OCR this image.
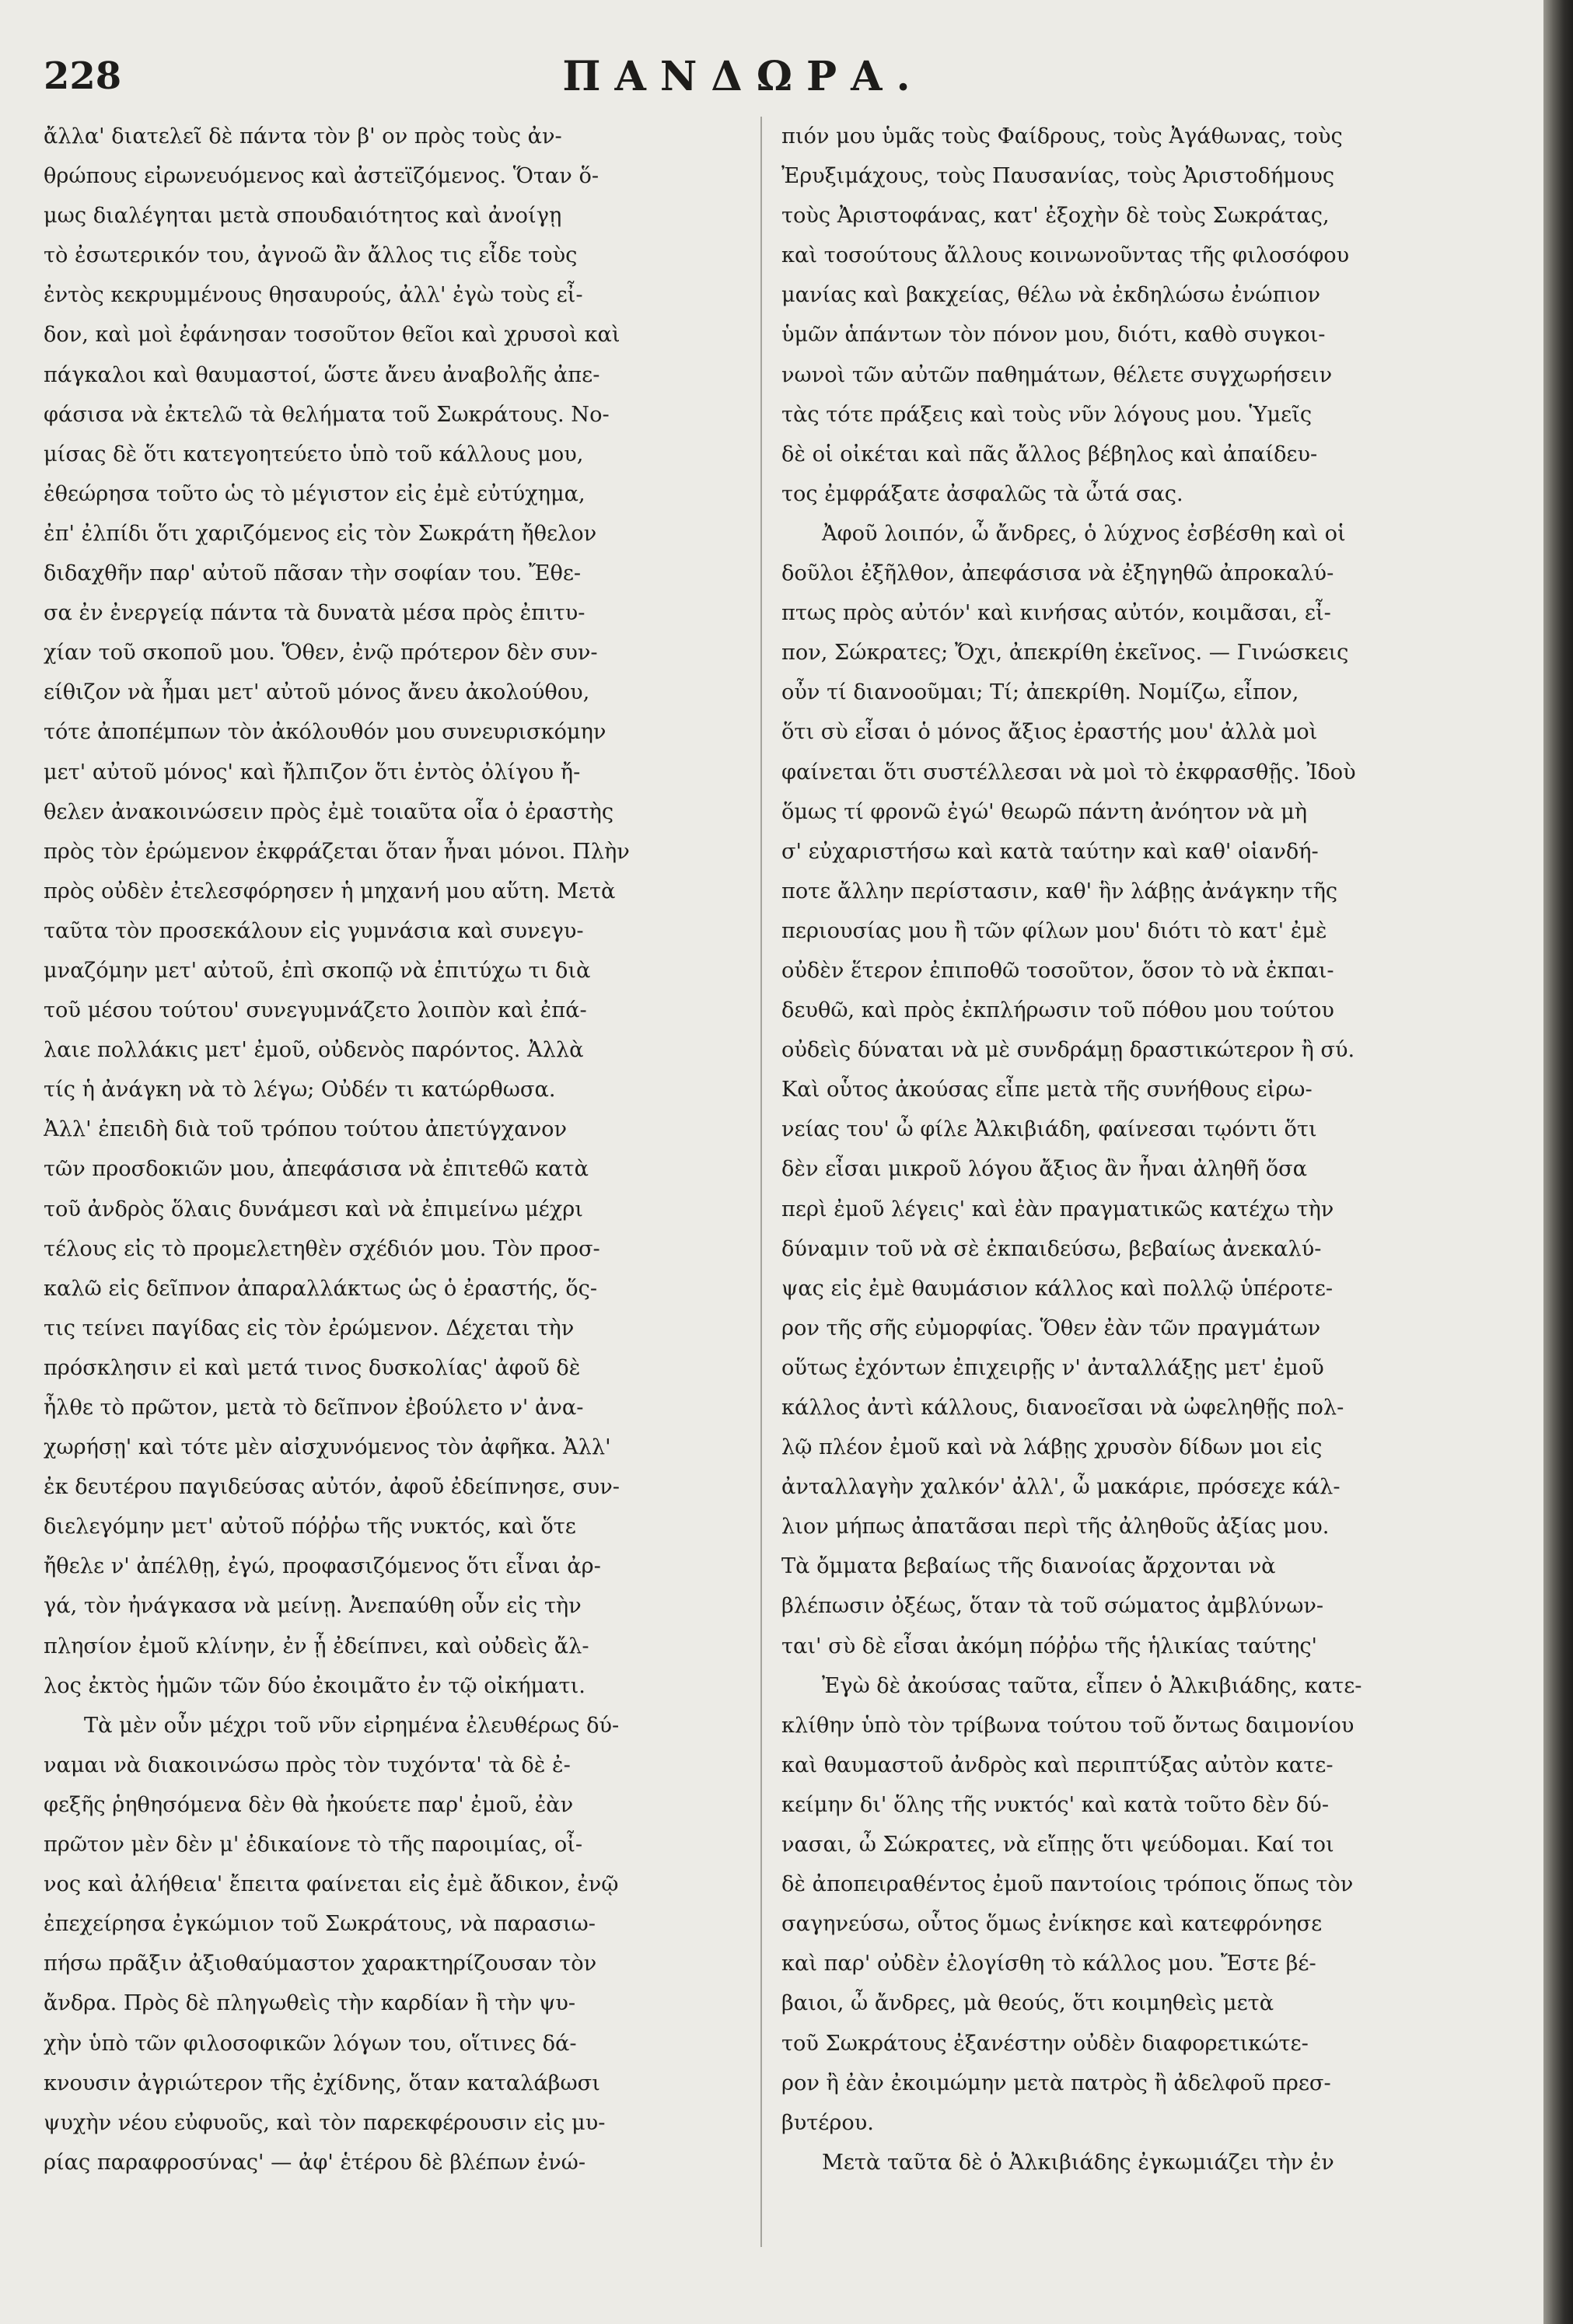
228	ΠΑΝΔΩΡΑ.
ἄλλα' διατελεῖ δὲ πάντα τὸν β' ον πρὸς τοὺς ἀν-
θρώπους εἰρωνευόμενος καὶ ἀστεϊζόμενος. Ὅταν ὅ-
μως διαλέγηται μετὰ σπουδαιότητος καὶ ἀνοίγῃ
τὸ ἐσωτερικόν του, ἀγνοῶ ἂν ἄλλος τις εἶδε τοὺς
ἐντὸς κεκρυμμένους θησαυρούς, ἀλλ' ἐγὼ τοὺς εἶ-
δον, καὶ μοὶ ἐφάνησαν τοσοῦτον θεῖοι καὶ χρυσοὶ καὶ
πάγκαλοι καὶ θαυμαστοί, ὥστε ἄνευ ἀναβολῆς ἀπε-
φάσισα νὰ ἐκτελῶ τὰ θελήματα τοῦ Σωκράτους. Νο-
μίσας δὲ ὅτι κατεγοητεύετο ὑπὸ τοῦ κάλλους μου,
ἐθεώρησα τοῦτο ὡς τὸ μέγιστον εἰς ἐμὲ εὐτύχημα,
ἐπ' ἐλπίδι ὅτι χαριζόμενος εἰς τὸν Σωκράτη ἤθελον
διδαχθῆν παρ' αὐτοῦ πᾶσαν τὴν σοφίαν του. Ἔθε-
σα ἐν ἐνεργείᾳ πάντα τὰ δυνατὰ μέσα πρὸς ἐπιτυ-
χίαν τοῦ σκοποῦ μου. Ὅθεν, ἐνῷ πρότερον δὲν συν-
είθιζον νὰ ἦμαι μετ' αὐτοῦ μόνος ἄνευ ἀκολούθου,
τότε ἀποπέμπων τὸν ἀκόλουθόν μου συνευρισκόμην
μετ' αὐτοῦ μόνος' καὶ ἤλπιζον ὅτι ἐντὸς ὀλίγου ἤ-
θελεν ἀνακοινώσειν πρὸς ἐμὲ τοιαῦτα οἷα ὁ ἐραστὴς
πρὸς τὸν ἐρώμενον ἐκφράζεται ὅταν ἦναι μόνοι. Πλὴν
πρὸς οὐδὲν ἐτελεσφόρησεν ἡ μηχανή μου αὕτη. Μετὰ
ταῦτα τὸν προσεκάλουν εἰς γυμνάσια καὶ συνεγυ-
μναζόμην μετ' αὐτοῦ, ἐπὶ σκοπῷ νὰ ἐπιτύχω τι διὰ
τοῦ μέσου τούτου' συνεγυμνάζετο λοιπὸν καὶ ἐπά-
λαιε πολλάκις μετ' ἐμοῦ, οὐδενὸς παρόντος. Ἀλλὰ
τίς ἡ ἀνάγκη νὰ τὸ λέγω; Οὐδέν τι κατώρθωσα.
Ἀλλ' ἐπειδὴ διὰ τοῦ τρόπου τούτου ἀπετύγχανον
τῶν προσδοκιῶν μου, ἀπεφάσισα νὰ ἐπιτεθῶ κατὰ
τοῦ ἀνδρὸς ὅλαις δυνάμεσι καὶ νὰ ἐπιμείνω μέχρι
τέλους εἰς τὸ προμελετηθὲν σχέδιόν μου. Τὸν προσ-
καλῶ εἰς δεῖπνον ἀπαραλλάκτως ὡς ὁ ἐραστής, ὅς-
τις τείνει παγίδας εἰς τὸν ἐρώμενον. Δέχεται τὴν
πρόσκλησιν εἰ καὶ μετά τινος δυσκολίας' ἀφοῦ δὲ
ἦλθε τὸ πρῶτον, μετὰ τὸ δεῖπνον ἐβούλετο ν' ἀνα-
χωρήσῃ' καὶ τότε μὲν αἰσχυνόμενος τὸν ἀφῆκα. Ἀλλ'
ἐκ δευτέρου παγιδεύσας αὐτόν, ἀφοῦ ἐδείπνησε, συν-
διελεγόμην μετ' αὐτοῦ πόῤῥω τῆς νυκτός, καὶ ὅτε
ἤθελε ν' ἀπέλθῃ, ἐγώ, προφασιζόμενος ὅτι εἶναι ἀρ-
γά, τὸν ἠνάγκασα νὰ μείνῃ. Ἀνεπαύθη οὖν εἰς τὴν
πλησίον ἐμοῦ κλίνην, ἐν ᾗ ἐδείπνει, καὶ οὐδεὶς ἄλ-
λος ἐκτὸς ἡμῶν τῶν δύο ἐκοιμᾶτο ἐν τῷ οἰκήματι.
Τὰ μὲν οὖν μέχρι τοῦ νῦν εἰρημένα ἐλευθέρως δύ-
ναμαι νὰ διακοινώσω πρὸς τὸν τυχόντα' τὰ δὲ ἐ-
φεξῆς ῥηθησόμενα δὲν θὰ ἠκούετε παρ' ἐμοῦ, ἐὰν
πρῶτον μὲν δὲν μ' ἐδικαίονε τὸ τῆς παροιμίας, οἶ-
νος καὶ ἀλήθεια' ἔπειτα φαίνεται εἰς ἐμὲ ἄδικον, ἐνῷ
ἐπεχείρησα ἐγκώμιον τοῦ Σωκράτους, νὰ παρασιω-
πήσω πρᾶξιν ἀξιοθαύμαστον χαρακτηρίζουσαν τὸν
ἄνδρα. Πρὸς δὲ πληγωθεὶς τὴν καρδίαν ἢ τὴν ψυ-
χὴν ὑπὸ τῶν φιλοσοφικῶν λόγων του, οἵτινες δά-
κνουσιν ἀγριώτερον τῆς ἐχίδνης, ὅταν καταλάβωσι
ψυχὴν νέου εὐφυοῦς, καὶ τὸν παρεκφέρουσιν εἰς μυ-
ρίας παραφροσύνας' — ἀφ' ἑτέρου δὲ βλέπων ἐνώ-
πιόν μου ὑμᾶς τοὺς Φαίδρους, τοὺς Ἀγάθωνας, τοὺς
Ἐρυξιμάχους, τοὺς Παυσανίας, τοὺς Ἀριστοδήμους
τοὺς Ἀριστοφάνας, κατ' ἐξοχὴν δὲ τοὺς Σωκράτας,
καὶ τοσούτους ἄλλους κοινωνοῦντας τῆς φιλοσόφου
μανίας καὶ βακχείας, θέλω νὰ ἐκδηλώσω ἐνώπιον
ὑμῶν ἁπάντων τὸν πόνον μου, διότι, καθὸ συγκοι-
νωνοὶ τῶν αὐτῶν παθημάτων, θέλετε συγχωρήσειν
τὰς τότε πράξεις καὶ τοὺς νῦν λόγους μου. Ὑμεῖς
δὲ οἱ οἰκέται καὶ πᾶς ἄλλος βέβηλος καὶ ἀπαίδευ-
τος ἐμφράξατε ἀσφαλῶς τὰ ὦτά σας.
Ἀφοῦ λοιπόν, ὦ ἄνδρες, ὁ λύχνος ἐσβέσθη καὶ οἱ
δοῦλοι ἐξῆλθον, ἀπεφάσισα νὰ ἐξηγηθῶ ἀπροκαλύ-
πτως πρὸς αὐτόν' καὶ κινήσας αὐτόν, κοιμᾶσαι, εἶ-
πον, Σώκρατες; Ὄχι, ἀπεκρίθη ἐκεῖνος. — Γινώσκεις
οὖν τί διανοοῦμαι; Τί; ἀπεκρίθη. Νομίζω, εἶπον,
ὅτι σὺ εἶσαι ὁ μόνος ἄξιος ἐραστής μου' ἀλλὰ μοὶ
φαίνεται ὅτι συστέλλεσαι νὰ μοὶ τὸ ἐκφρασθῇς. Ἰδοὺ
ὅμως τί φρονῶ ἐγώ' θεωρῶ πάντη ἀνόητον νὰ μὴ
σ' εὐχαριστήσω καὶ κατὰ ταύτην καὶ καθ' οἱανδή-
ποτε ἄλλην περίστασιν, καθ' ἣν λάβῃς ἀνάγκην τῆς
περιουσίας μου ἢ τῶν φίλων μου' διότι τὸ κατ' ἐμὲ
οὐδὲν ἕτερον ἐπιποθῶ τοσοῦτον, ὅσον τὸ νὰ ἐκπαι-
δευθῶ, καὶ πρὸς ἐκπλήρωσιν τοῦ πόθου μου τούτου
οὐδεὶς δύναται νὰ μὲ συνδράμῃ δραστικώτερον ἢ σύ.
Καὶ οὗτος ἀκούσας εἶπε μετὰ τῆς συνήθους εἰρω-
νείας του' ὦ φίλε Ἀλκιβιάδη, φαίνεσαι τῳόντι ὅτι
δὲν εἶσαι μικροῦ λόγου ἄξιος ἂν ἦναι ἀληθῆ ὅσα
περὶ ἐμοῦ λέγεις' καὶ ἐὰν πραγματικῶς κατέχω τὴν
δύναμιν τοῦ νὰ σὲ ἐκπαιδεύσω, βεβαίως ἀνεκαλύ-
ψας εἰς ἐμὲ θαυμάσιον κάλλος καὶ πολλῷ ὑπέροτε-
ρον τῆς σῆς εὐμορφίας. Ὅθεν ἐὰν τῶν πραγμάτων
οὕτως ἐχόντων ἐπιχειρῇς ν' ἀνταλλάξῃς μετ' ἐμοῦ
κάλλος ἀντὶ κάλλους, διανοεῖσαι νὰ ὠφεληθῇς πολ-
λῷ πλέον ἐμοῦ καὶ νὰ λάβῃς χρυσὸν δίδων μοι εἰς
ἀνταλλαγὴν χαλκόν' ἀλλ', ὦ μακάριε, πρόσεχε κάλ-
λιον μήπως ἀπατᾶσαι περὶ τῆς ἀληθοῦς ἀξίας μου.
Τὰ ὄμματα βεβαίως τῆς διανοίας ἄρχονται νὰ
βλέπωσιν ὀξέως, ὅταν τὰ τοῦ σώματος ἀμβλύνων-
ται' σὺ δὲ εἶσαι ἀκόμη πόῤῥω τῆς ἡλικίας ταύτης'
Ἐγὼ δὲ ἀκούσας ταῦτα, εἶπεν ὁ Ἀλκιβιάδης, κατε-
κλίθην ὑπὸ τὸν τρίβωνα τούτου τοῦ ὄντως δαιμονίου
καὶ θαυμαστοῦ ἀνδρὸς καὶ περιπτύξας αὐτὸν κατε-
κείμην δι' ὅλης τῆς νυκτός' καὶ κατὰ τοῦτο δὲν δύ-
νασαι, ὦ Σώκρατες, νὰ εἴπῃς ὅτι ψεύδομαι. Καί τοι
δὲ ἀποπειραθέντος ἐμοῦ παντοίοις τρόποις ὅπως τὸν
σαγηνεύσω, οὗτος ὅμως ἐνίκησε καὶ κατεφρόνησε
καὶ παρ' οὐδὲν ἐλογίσθη τὸ κάλλος μου. Ἔστε βέ-
βαιοι, ὦ ἄνδρες, μὰ θεούς, ὅτι κοιμηθεὶς μετὰ
τοῦ Σωκράτους ἐξανέστην οὐδὲν διαφορετικώτε-
ρον ἢ ἐὰν ἐκοιμώμην μετὰ πατρὸς ἢ ἀδελφοῦ πρεσ-
βυτέρου.
Μετὰ ταῦτα δὲ ὁ Ἀλκιβιάδης ἐγκωμιάζει τὴν ἐν
